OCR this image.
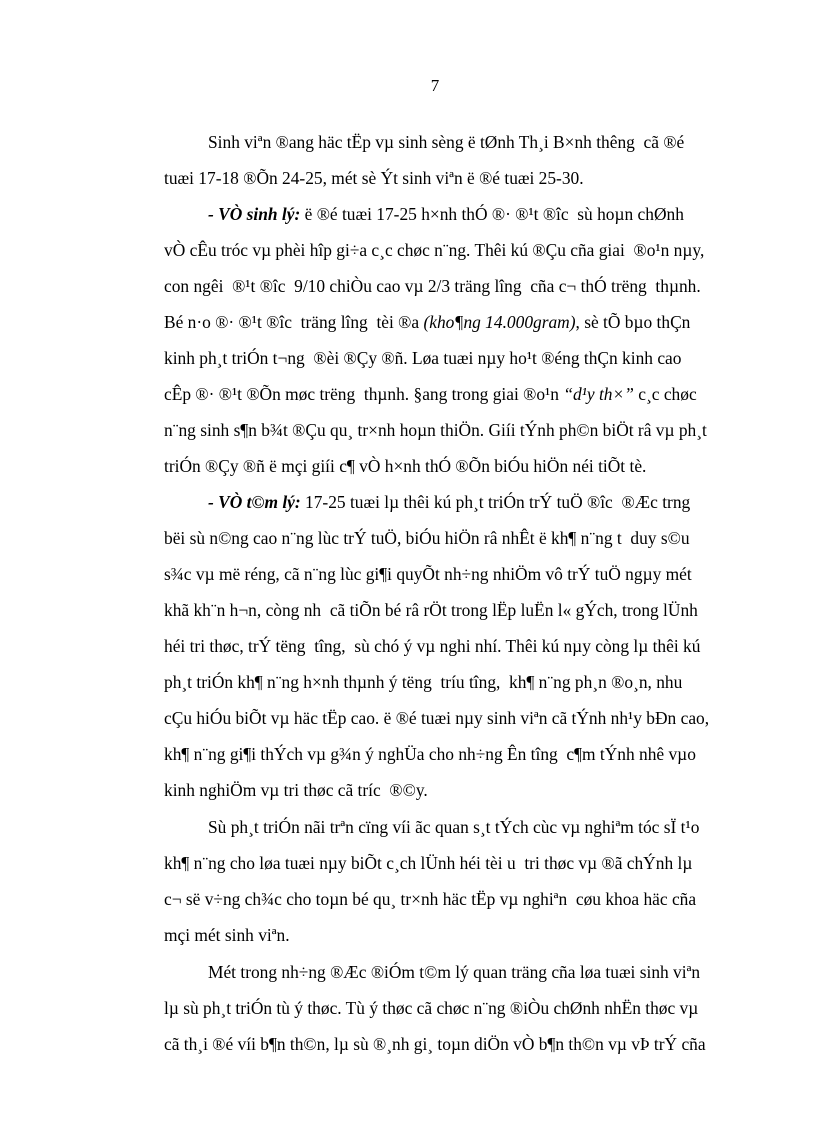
7
Sinh viªn ®ang häc tËp vµ sinh sèng ë tØnh Th¸i B×nh thêng  cã ®é
tuæi 17-18 ®Õn 24-25, mét sè Ýt sinh viªn ë ®é tuæi 25-30.
- VÒ sinh lý: ë ®é tuæi 17-25 h×nh thÓ ®· ®¹t ®îc  sù hoµn chØnh
vÒ cÊu tróc vµ phèi hîp gi÷a c¸c chøc n¨ng. Thêi kú ®Çu cña giai  ®o¹n nµy,
con ngêi  ®¹t ®îc  9/10 chiÒu cao vµ 2/3 träng lîng  cña c¬ thÓ trëng  thµnh.
Bé n·o ®· ®¹t ®îc  träng lîng  tèi ®a (kho¶ng 14.000gram), sè tÕ bµo thÇn
kinh ph¸t triÓn t¬ng  ®èi ®Çy ®ñ. Løa tuæi nµy ho¹t ®éng thÇn kinh cao
cÊp ®· ®¹t ®Õn møc trëng  thµnh. §ang trong giai ®o¹n “d¹y th×” c¸c chøc
n¨ng sinh s¶n b¾t ®Çu qu¸ tr×nh hoµn thiÖn. Giíi tÝnh ph©n biÖt râ vµ ph¸t
triÓn ®Çy ®ñ ë mçi giíi c¶ vÒ h×nh thÓ ®Õn biÓu hiÖn néi tiÕt tè.
- VÒ t©m lý: 17-25 tuæi lµ thêi kú ph¸t triÓn trÝ tuÖ ®îc  ®Æc trng
bëi sù n©ng cao n¨ng lùc trÝ tuÖ, biÓu hiÖn râ nhÊt ë kh¶ n¨ng t  duy s©u
s¾c vµ më réng, cã n¨ng lùc gi¶i quyÕt nh÷ng nhiÖm vô trÝ tuÖ ngµy mét
khã kh¨n h¬n, còng nh  cã tiÕn bé râ rÖt trong lËp luËn l« gÝch, trong lÜnh
héi tri thøc, trÝ tëng  tîng,  sù chó ý vµ nghi nhí. Thêi kú nµy còng lµ thêi kú
ph¸t triÓn kh¶ n¨ng h×nh thµnh ý tëng  tríu tîng,  kh¶ n¨ng ph¸n ®o¸n, nhu
cÇu hiÓu biÕt vµ häc tËp cao. ë ®é tuæi nµy sinh viªn cã tÝnh nh¹y bÐn cao,
kh¶ n¨ng gi¶i thÝch vµ g¾n ý nghÜa cho nh÷ng Ên tîng  c¶m tÝnh nhê vµo
kinh nghiÖm vµ tri thøc cã tríc  ®©y.
Sù ph¸t triÓn nãi trªn cïng víi ãc quan s¸t tÝch cùc vµ nghiªm tóc sÏ t¹o
kh¶ n¨ng cho løa tuæi nµy biÕt c¸ch lÜnh héi tèi u  tri thøc vµ ®ã chÝnh lµ
c¬ së v÷ng ch¾c cho toµn bé qu¸ tr×nh häc tËp vµ nghiªn  cøu khoa häc cña
mçi mét sinh viªn.
Mét trong nh÷ng ®Æc ®iÓm t©m lý quan träng cña løa tuæi sinh viªn
lµ sù ph¸t triÓn tù ý thøc. Tù ý thøc cã chøc n¨ng ®iÒu chØnh nhËn thøc vµ
cã th¸i ®é víi b¶n th©n, lµ sù ®¸nh gi¸ toµn diÖn vÒ b¶n th©n vµ vÞ trÝ cña
